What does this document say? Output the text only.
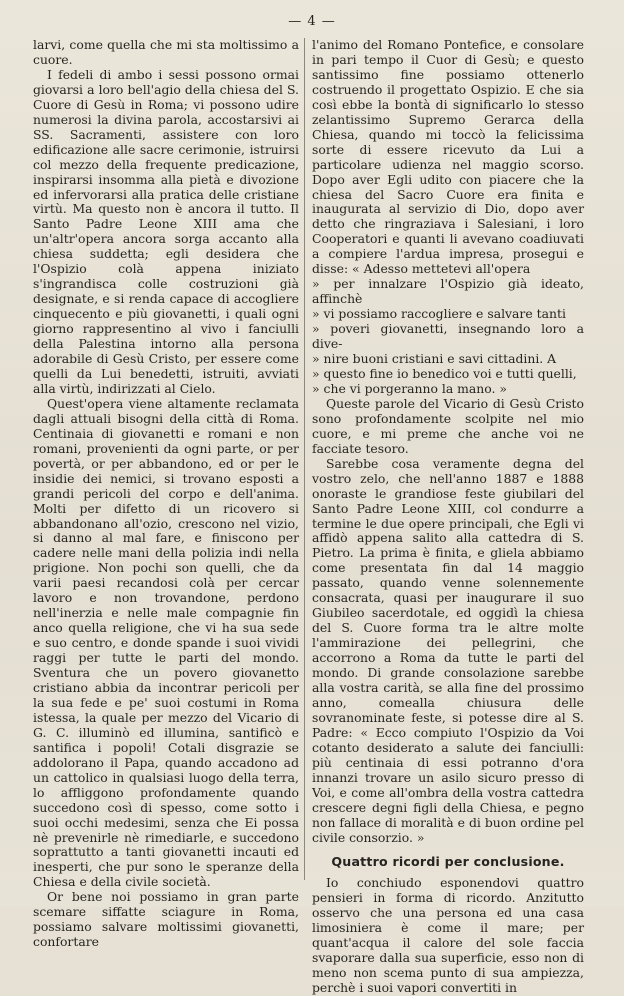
— 4 —

larvi, come quella che mi sta moltissimo a cuore.

I fedeli di ambo i sessi possono ormai giovarsi a loro bell'agio della chiesa del S. Cuore di Gesù in Roma; vi possono udire numerosi la divina parola, accostarsivi ai SS. Sacramenti, assistere con loro edificazione alle sacre cerimonie, istruirsi col mezzo della frequente predicazione, inspirarsi insomma alla pietà e divozione ed infervorarsi alla pratica delle cristiane virtù. Ma questo non è ancora il tutto. Il Santo Padre Leone XIII ama che un'altr'opera ancora sorga accanto alla chiesa suddetta; egli desidera che l'Ospizio colà appena iniziato s'ingrandisca colle costruzioni già designate, e si renda capace di accogliere cinquecento e più giovanetti, i quali ogni giorno rappresentino al vivo i fanciulli della Palestina intorno alla persona adorabile di Gesù Cristo, per essere come quelli da Lui benedetti, istruiti, avviati alla virtù, indirizzati al Cielo.

Quest'opera viene altamente reclamata dagli attuali bisogni della città di Roma. Centinaia di giovanetti e romani e non romani, provenienti da ogni parte, or per povertà, or per abbandono, ed or per le insidie dei nemici, si trovano esposti a grandi pericoli del corpo e dell'anima. Molti per difetto di un ricovero si abbandonano all'ozio, crescono nel vizio, si danno al mal fare, e finiscono per cadere nelle mani della polizia indi nella prigione. Non pochi son quelli, che da varii paesi recandosi colà per cercar lavoro e non trovandone, perdono nell'inerzia e nelle male compagnie fin anco quella religione, che vi ha sua sede e suo centro, e donde spande i suoi vividi raggi per tutte le parti del mondo. Sventura che un povero giovanetto cristiano abbia da incontrar pericoli per la sua fede e pe' suoi costumi in Roma istessa, la quale per mezzo del Vicario di G. C. illuminò ed illumina, santificò e santifica i popoli! Cotali disgrazie se addolorano il Papa, quando accadono ad un cattolico in qualsiasi luogo della terra, lo affliggono profondamente quando succedono così di spesso, come sotto i suoi occhi medesimi, senza che Ei possa nè prevenirle nè rimediarle, e succedono soprattutto a tanti giovanetti incauti ed inesperti, che pur sono le speranze della Chiesa e della civile società.

Or bene noi possiamo in gran parte scemare siffatte sciagure in Roma, possiamo salvare moltissimi giovanetti, confortare

l'animo del Romano Pontefice, e consolare in pari tempo il Cuor di Gesù; e questo santissimo fine possiamo ottenerlo costruendo il progettato Ospizio. E che sia così ebbe la bontà di significarlo lo stesso zelantissimo Supremo Gerarca della Chiesa, quando mi toccò la felicissima sorte di essere ricevuto da Lui a particolare udienza nel maggio scorso. Dopo aver Egli udito con piacere che la chiesa del Sacro Cuore era finita e inaugurata al servizio di Dio, dopo aver detto che ringraziava i Salesiani, i loro Cooperatori e quanti li avevano coadiuvati a compiere l'ardua impresa, prosegui e disse: « Adesso mettetevi all'opera

» per innalzare l'Ospizio già ideato, affinchè
» vi possiamo raccogliere e salvare tanti
» poveri giovanetti, insegnando loro a dive-
» nire buoni cristiani e savi cittadini. A
» questo fine io benedico voi e tutti quelli,
» che vi porgeranno la mano. »

Queste parole del Vicario di Gesù Cristo sono profondamente scolpite nel mio cuore, e mi preme che anche voi ne facciate tesoro.

Sarebbe cosa veramente degna del vostro zelo, che nell'anno 1887 e 1888 onoraste le grandiose feste giubilari del Santo Padre Leone XIII, col condurre a termine le due opere principali, che Egli vi affidò appena salito alla cattedra di S. Pietro. La prima è finita, e gliela abbiamo come presentata fin dal 14 maggio passato, quando venne solennemente consacrata, quasi per inaugurare il suo Giubileo sacerdotale, ed oggidì la chiesa del S. Cuore forma tra le altre molte l'ammirazione dei pellegrini, che accorrono a Roma da tutte le parti del mondo. Di grande consolazione sarebbe alla vostra carità, se alla fine del prossimo anno, comealla chiusura delle sovranominate feste, si potesse dire al S. Padre: « Ecco compiuto l'Ospizio da Voi cotanto desiderato a salute dei fanciulli: più centinaia di essi potranno d'ora innanzi trovare un asilo sicuro presso di Voi, e come all'ombra della vostra cattedra crescere degni figli della Chiesa, e pegno non fallace di moralità e di buon ordine pel civile consorzio. »

Quattro ricordi per conclusione.

Io conchiudo esponendovi quattro pensieri in forma di ricordo. Anzitutto osservo che una persona ed una casa limosiniera è come il mare; per quant'acqua il calore del sole faccia svaporare dalla sua superficie, esso non di meno non scema punto di sua ampiezza, perchè i suoi vapori convertiti in
